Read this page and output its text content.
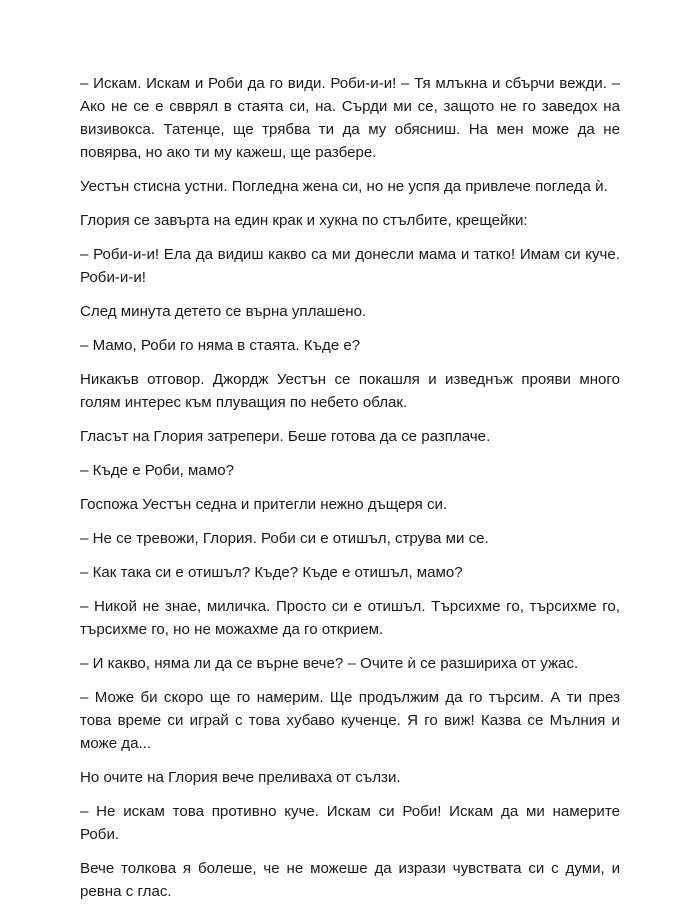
– Искам. Искам и Роби да го види. Роби-и-и! – Тя млъкна и сбърчи вежди. – Ако не се е свврял в стаята си, на. Сърди ми се, защото не го заведох на визивокса. Татенце, ще трябва ти да му обясниш. На мен може да не повярва, но ако ти му кажеш, ще разбере.

Уестън стисна устни. Погледна жена си, но не успя да привлече погледа ѝ.

Глория се завърта на един крак и хукна по стълбите, крещейки:

– Роби-и-и! Ела да видиш какво са ми донесли мама и татко! Имам си куче. Роби-и-и!

След минута детето се върна уплашено.

– Мамо, Роби го няма в стаята. Къде е?

Никакъв отговор. Джордж Уестън се покашля и изведнъж прояви много голям интерес към плуващия по небето облак.

Гласът на Глория затрепери. Беше готова да се разплаче.

– Къде е Роби, мамо?

Госпожа Уестън седна и притегли нежно дъщеря си.

– Не се тревожи, Глория. Роби си е отишъл, струва ми се.

– Как така си е отишъл? Къде? Къде е отишъл, мамо?

– Никой не знае, миличка. Просто си е отишъл. Търсихме го, търсихме го, търсихме го, но не можахме да го открием.

– И какво, няма ли да се върне вече? – Очите ѝ се разшириха от ужас.

– Може би скоро ще го намерим. Ще продължим да го търсим. А ти през това време си играй с това хубаво кученце. Я го виж! Казва се Мълния и може да...

Но очите на Глория вече преливаха от сълзи.

– Не искам това противно куче. Искам си Роби! Искам да ми намерите Роби.

Вече толкова я болеше, че не можеше да изрази чувствата си с думи, и ревна с глас.
